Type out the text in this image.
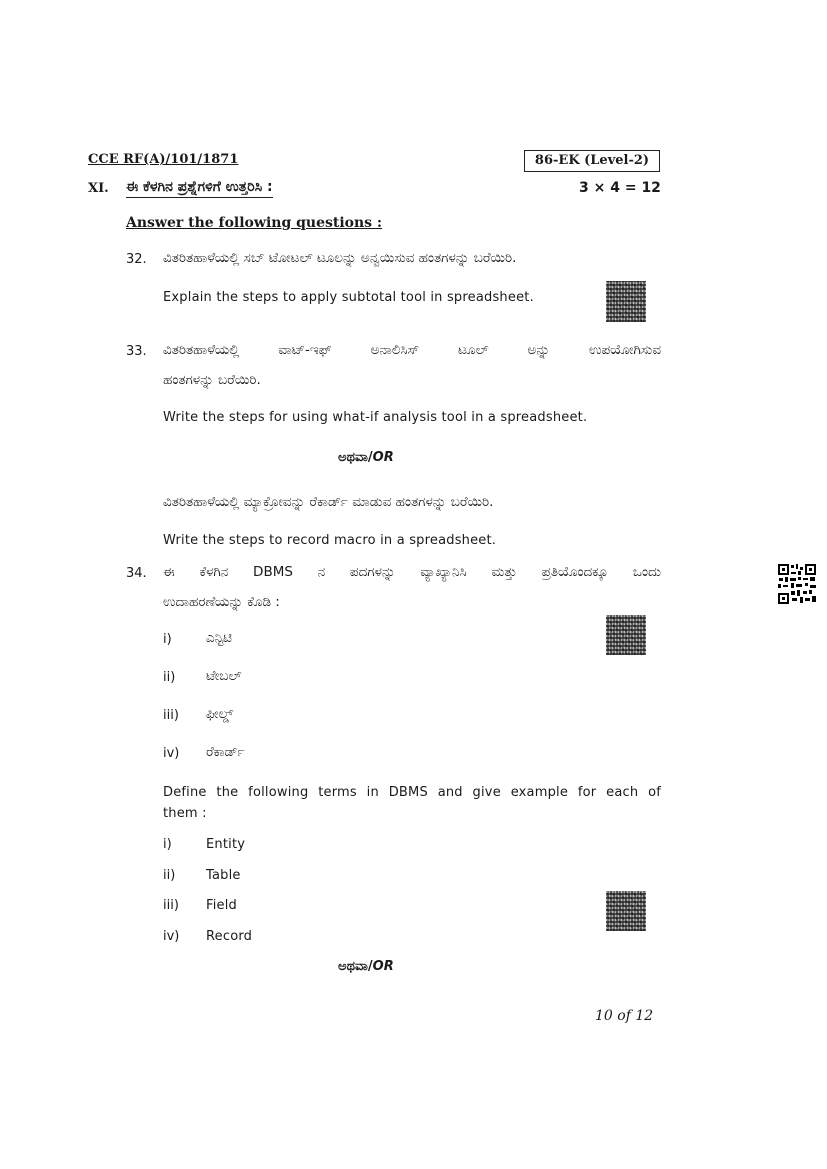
CCE RF(A)/101/1871	86-EK (Level-2)
XI. ಈ ಕೆಳಗಿನ ಪ್ರಶ್ನೆಗಳಿಗೆ ಉತ್ತರಿಸಿ :	3 × 4 = 12
Answer the following questions :
32. ವಿತರಿತಹಾಳೆಯಲ್ಲಿ ಸಬ್ ಟೋಟಲ್ ಟೂಲನ್ನು ಅನ್ವಯಿಸುವ ಹಂತಗಳನ್ನು ಬರೆಯಿರಿ.
Explain the steps to apply subtotal tool in spreadsheet.
33. ವಿತರಿತಹಾಳೆಯಲ್ಲಿ ವಾಟ್-ಇಫ್ ಅನಾಲಿಸಿಸ್ ಟೂಲ್ ಅನ್ನು ಉಪಯೋಗಿಸುವ
ಹಂತಗಳನ್ನು ಬರೆಯಿರಿ.
Write the steps for using what-if analysis tool in a spreadsheet.
ಅಥವಾ/OR
ವಿತರಿತಹಾಳೆಯಲ್ಲಿ ಮ್ಯಾಕ್ರೋವನ್ನು ರೆಕಾರ್ಡ್ ಮಾಡುವ ಹಂತಗಳನ್ನು ಬರೆಯಿರಿ.
Write the steps to record macro in a spreadsheet.
34. ಈ ಕೆಳಗಿನ DBMS ನ ಪದಗಳನ್ನು ವ್ಯಾಖ್ಯಾನಿಸಿ ಮತ್ತು ಪ್ರತಿಯೊಂದಕ್ಕೂ ಒಂದು
ಉದಾಹರಣೆಯನ್ನು ಕೊಡಿ :
i)	ಎನ್ಟಿಟಿ
ii) ಟೇಬಲ್
iii) ಫೀಲ್ಡ್
iv) ರೆಕಾರ್ಡ್
Define the following terms in DBMS and give example for each of
them :
i)	Entity
ii) Table
iii) Field
iv) Record
ಅಥವಾ/OR
10 of 12
